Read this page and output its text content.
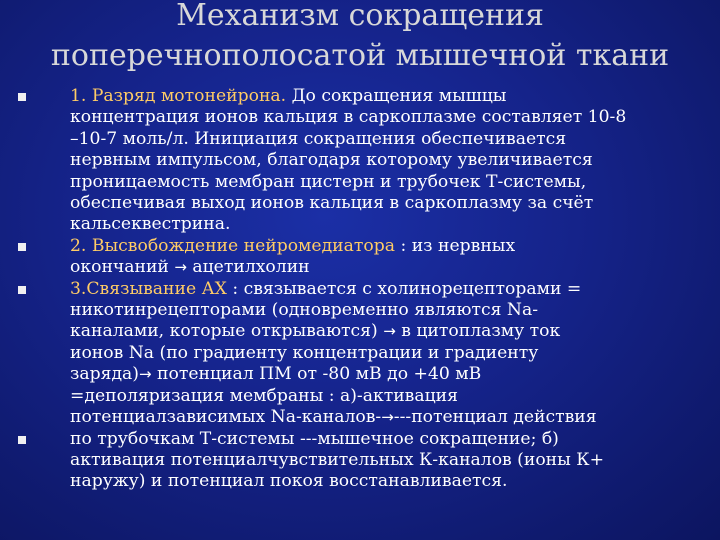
Механизм сокращения
поперечнополосатой мышечной ткани
1. Разряд мотонейрона. До сокращения мышцы
концентрация ионов кальция в саркоплазме составляет 10-8
–10-7 моль/л. Инициация сокращения обеспечивается
нервным импульсом, благодаря которому увеличивается
проницаемость мембран цистерн и трубочек Т-системы,
обеспечивая выход ионов кальция в саркоплазму за счёт
кальсеквестрина.
2. Высвобождение нейромедиатора : из нервных
окончаний → ацетилхолин
3.Связывание АХ : связывается с холинорецепторами =
никотинрецепторами (одновременно являются Na-
каналами, которые открываются) → в цитоплазму ток
ионов Na (по градиенту концентрации и градиенту
заряда)→ потенциал ПМ от -80 мВ до +40 мВ
=деполяризация мембраны : а)-активация
потенциалзависимых Na-каналов-→---потенциал действия
по трубочкам Т-системы ---мышечное сокращение; б)
активация потенциалчувствительных К-каналов (ионы К+
наружу) и потенциал покоя восстанавливается.
